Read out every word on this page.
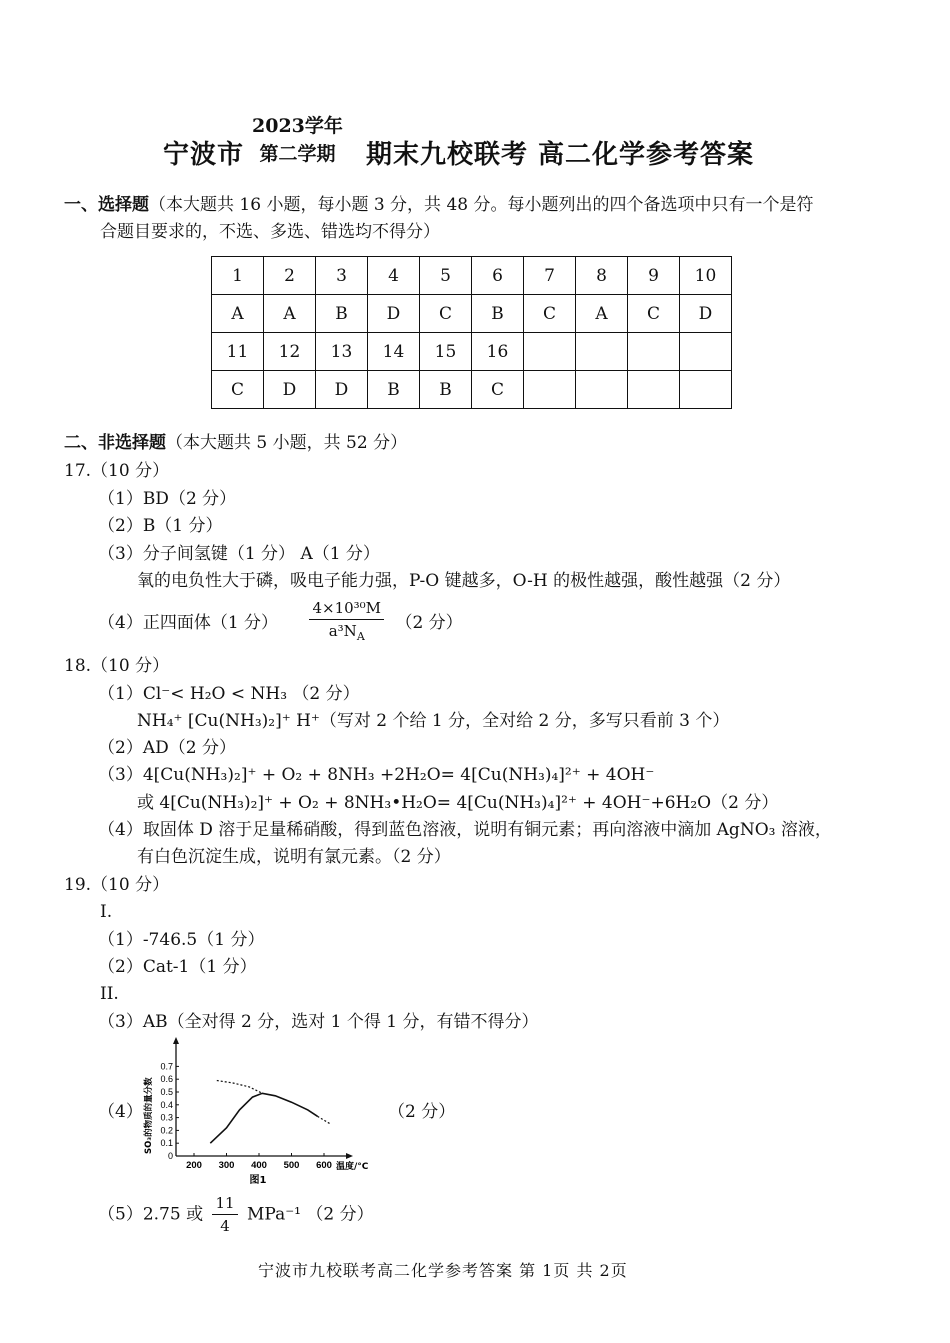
宁波市
2023学年
第二学期 期末九校联考 高二化学参考答案
一、选择题（本大题共 16 小题，每小题 3 分，共 48 分。每小题列出的四个备选项中只有一个是符
合题目要求的，不选、多选、错选均不得分）
1	2	3	4	5	6	7	8	9	10
A	A	B	D	C	B	C	A	C	D
11	12	13	14	15	16				
C	D	D	B	B	C				
二、非选择题（本大题共 5 小题，共 52 分）
17.（10 分）
（1）BD（2 分）
（2）B（1 分）
（3）分子间氢键（1 分） A（1 分）
氧的电负性大于磷，吸电子能力强，P-O 键越多，O-H 的极性越强，酸性越强（2 分）
（4）正四面体（1 分） $\frac{\text{4×10³⁰M}}{a^3N_A} (2$ 分）
18.（10 分）
（1）Cl⁻< H₂O < NH₃ （2 分）
NH₄⁺ [Cu(NH₃)₂]⁺ H⁺（写对 2 个给 1 分，全对给 2 分，多写只看前 3 个）
（2）AD（2 分）
（3）4[Cu(NH₃)₂]⁺ + O₂ + 8NH₃ +2H₂O= 4[Cu(NH₃)₄]²⁺ + 4OH⁻
或 4[Cu(NH₃)₂]⁺ + O₂ + 8NH₃•H₂O= 4[Cu(NH₃)₄]²⁺ + 4OH⁻+6H₂O（2 分）
（4）取固体 D 溶于足量稀硝酸，得到蓝色溶液，说明有铜元素；再向溶液中滴加 AgNO₃ 溶液，
有白色沉淀生成，说明有氯元素。（2 分）
19.（10 分）
I.
（1）-746.5（1 分）
（2）Cat-1（1 分）
II.
（3）AB（全对得 2 分，选对 1 个得 1 分，有错不得分）
（4）	（2 分）
0
0.1
0.2
0.3
0.4
0.5
0.6
0.7
200 300 400 500 600 温度/°C
SO₃的物质的量分数
图1
（5）2.75 或 $\frac{11}{4} MPa^{-1}$ （2 分）
宁波市九校联考高二化学参考答案 第 1页 共 2页
